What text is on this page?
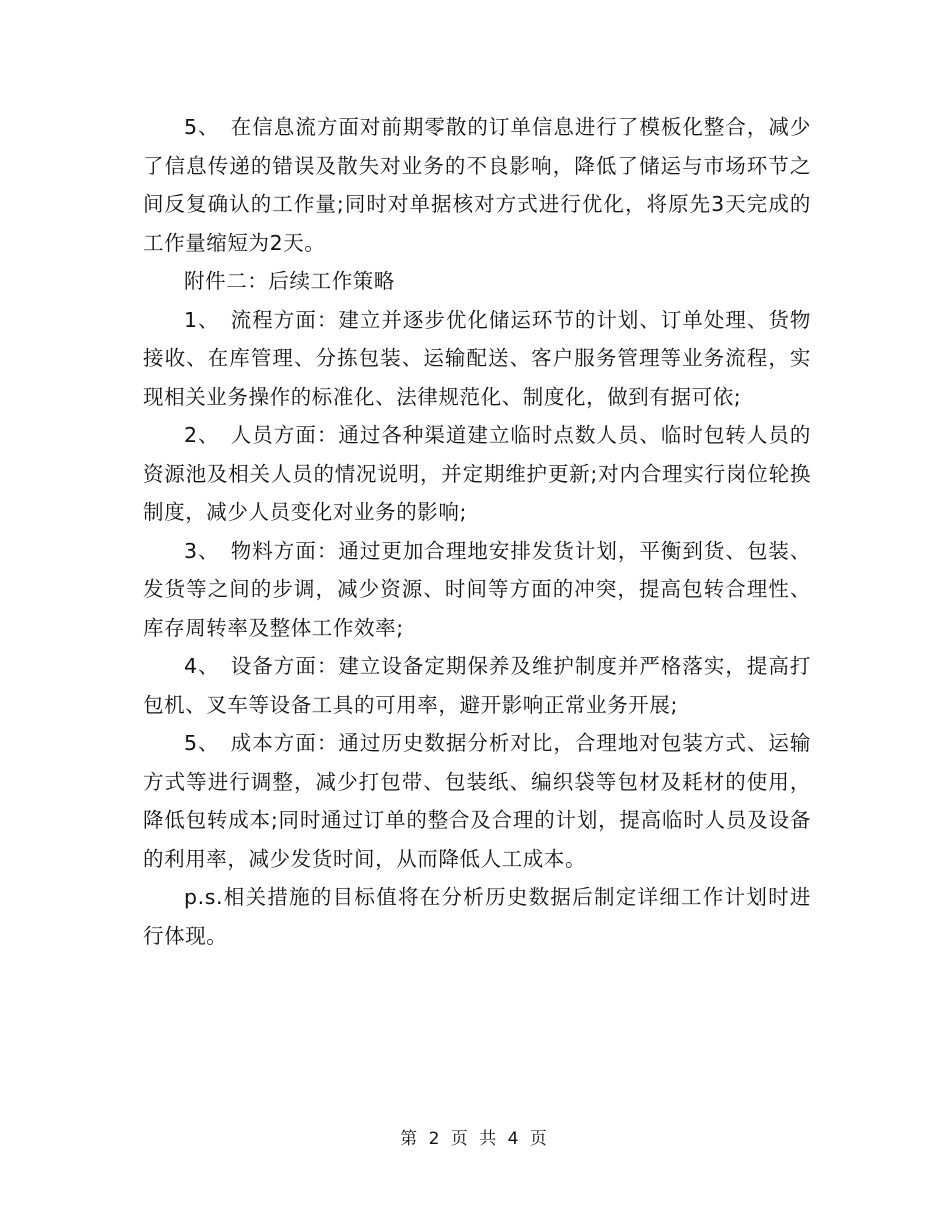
5、　在信息流方面对前期零散的订单信息进行了模板化整合，减少了信息传递的错误及散失对业务的不良影响，降低了储运与市场环节之间反复确认的工作量;同时对单据核对方式进行优化，将原先3天完成的工作量缩短为2天。

附件二：后续工作策略

1、　流程方面：建立并逐步优化储运环节的计划、订单处理、货物接收、在库管理、分拣包装、运输配送、客户服务管理等业务流程，实现相关业务操作的标准化、法律规范化、制度化，做到有据可依;

2、　人员方面：通过各种渠道建立临时点数人员、临时包转人员的资源池及相关人员的情况说明，并定期维护更新;对内合理实行岗位轮换制度，减少人员变化对业务的影响;

3、　物料方面：通过更加合理地安排发货计划，平衡到货、包装、发货等之间的步调，减少资源、时间等方面的冲突，提高包转合理性、库存周转率及整体工作效率;

4、　设备方面：建立设备定期保养及维护制度并严格落实，提高打包机、叉车等设备工具的可用率，避开影响正常业务开展;

5、　成本方面：通过历史数据分析对比，合理地对包装方式、运输方式等进行调整，减少打包带、包装纸、编织袋等包材及耗材的使用，降低包转成本;同时通过订单的整合及合理的计划，提高临时人员及设备的利用率，减少发货时间，从而降低人工成本。

p.s.相关措施的目标值将在分析历史数据后制定详细工作计划时进行体现。

第 2 页 共 4 页
